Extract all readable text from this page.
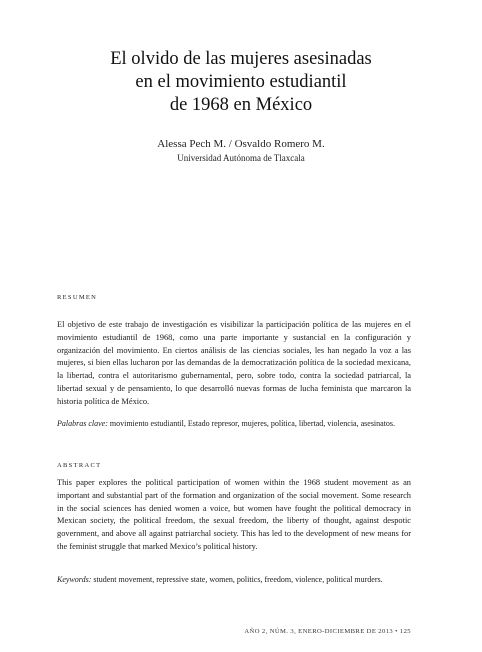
El olvido de las mujeres asesinadas
en el movimiento estudiantil
de 1968 en México
Alessa Pech M. / Osvaldo Romero M.
Universidad Autónoma de Tlaxcala
RESUMEN

El objetivo de este trabajo de investigación es visibilizar la participación política de las mujeres en el movimiento estudiantil de 1968, como una parte importante y sustancial en la configuración y organización del movimiento. En ciertos análisis de las ciencias sociales, les han negado la voz a las mujeres, si bien ellas lucharon por las demandas de la democratización política de la sociedad mexicana, la libertad, contra el autoritarismo gubernamental, pero, sobre todo, contra la sociedad patriarcal, la libertad sexual y de pensamiento, lo que desarrolló nuevas formas de lucha feminista que marcaron la historia política de México.

Palabras clave: movimiento estudiantil, Estado represor, mujeres, política, libertad, violencia, asesinatos.

ABSTRACT

This paper explores the political participation of women within the 1968 student movement as an important and substantial part of the formation and organization of the social movement. Some research in the social sciences has denied women a voice, but women have fought the political democracy in Mexican society, the political freedom, the sexual freedom, the liberty of thought, against despotic government, and above all against patriarchal society. This has led to the development of new means for the feminist struggle that marked Mexico’s political history.

Keywords: student movement, repressive state, women, politics, freedom, violence, political murders.

AÑO 2, NÚM. 3, ENERO-DICIEMBRE DE 2013 • 125
